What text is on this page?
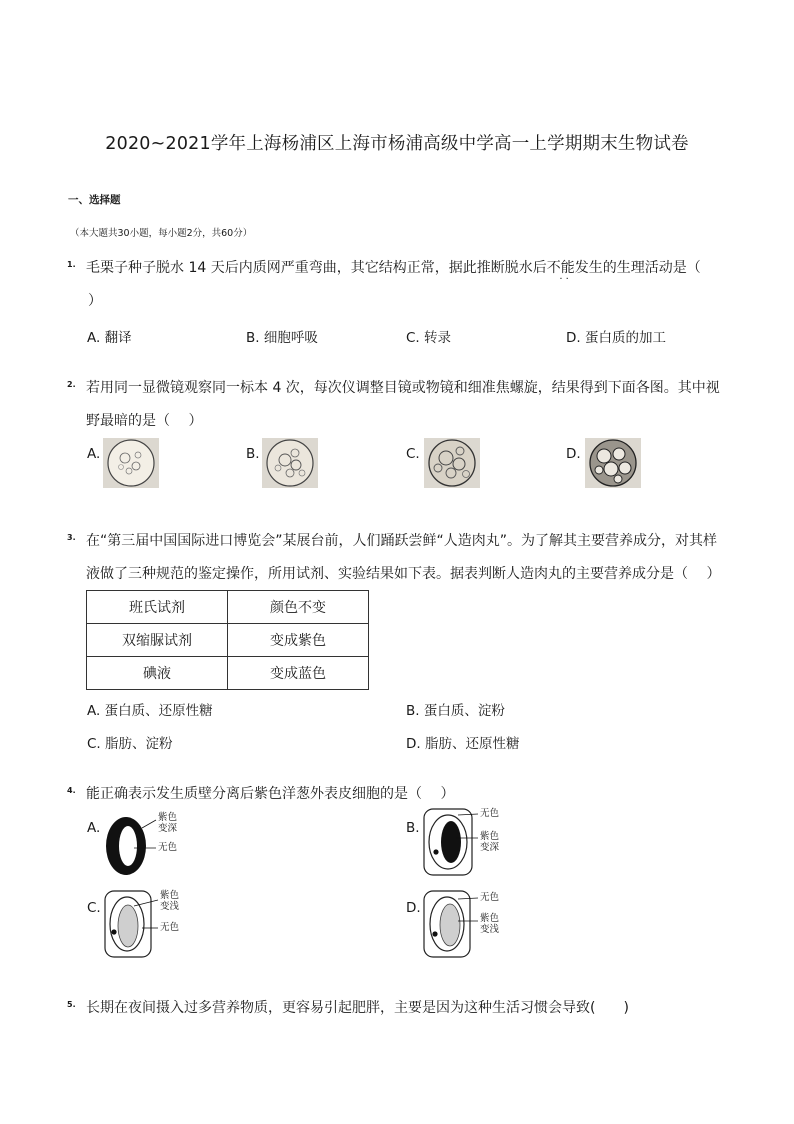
2020~2021学年上海杨浦区上海市杨浦高级中学高一上学期期末生物试卷
一、选择题
（本大题共30小题，每小题2分，共60分）
1. 毛栗子种子脱水 14 天后内质网严重弯曲，其它结构正常，据此推断脱水后不能
· ·
发生的生理活动是（
）
A. 翻译	B. 细胞呼吸	C. 转录	D. 蛋白质的加工
2. 若用同一显微镜观察同一标本 4 次，每次仪调整目镜或物镜和细准焦螺旋，结果得到下面各图。其中视
野最暗的是（　 ）
A.	B.	C.	D.
3. 在“第三届中国国际进口博览会”某展台前，人们踊跃尝鲜“人造肉丸”。为了解其主要营养成分，对其样
液做了三种规范的鉴定操作，所用试剂、实验结果如下表。据表判断人造肉丸的主要营养成分是（　 ）
班氏试剂	颜色不变
双缩脲试剂	变成紫色
碘液	变成蓝色
A. 蛋白质、还原性糖	B. 蛋白质、淀粉
C. 脂肪、淀粉	D. 脂肪、还原性糖
4. 能正确表示发生质壁分离后紫色洋葱外表皮细胞的是（　 ）
A.
紫色
变深
无色
B.
无色
紫色
变深
C.
紫色
变浅
无色
D.
无色
紫色
变浅
5. 长期在夜间摄入过多营养物质，更容易引起肥胖，主要是因为这种生活习惯会导致(　　)
